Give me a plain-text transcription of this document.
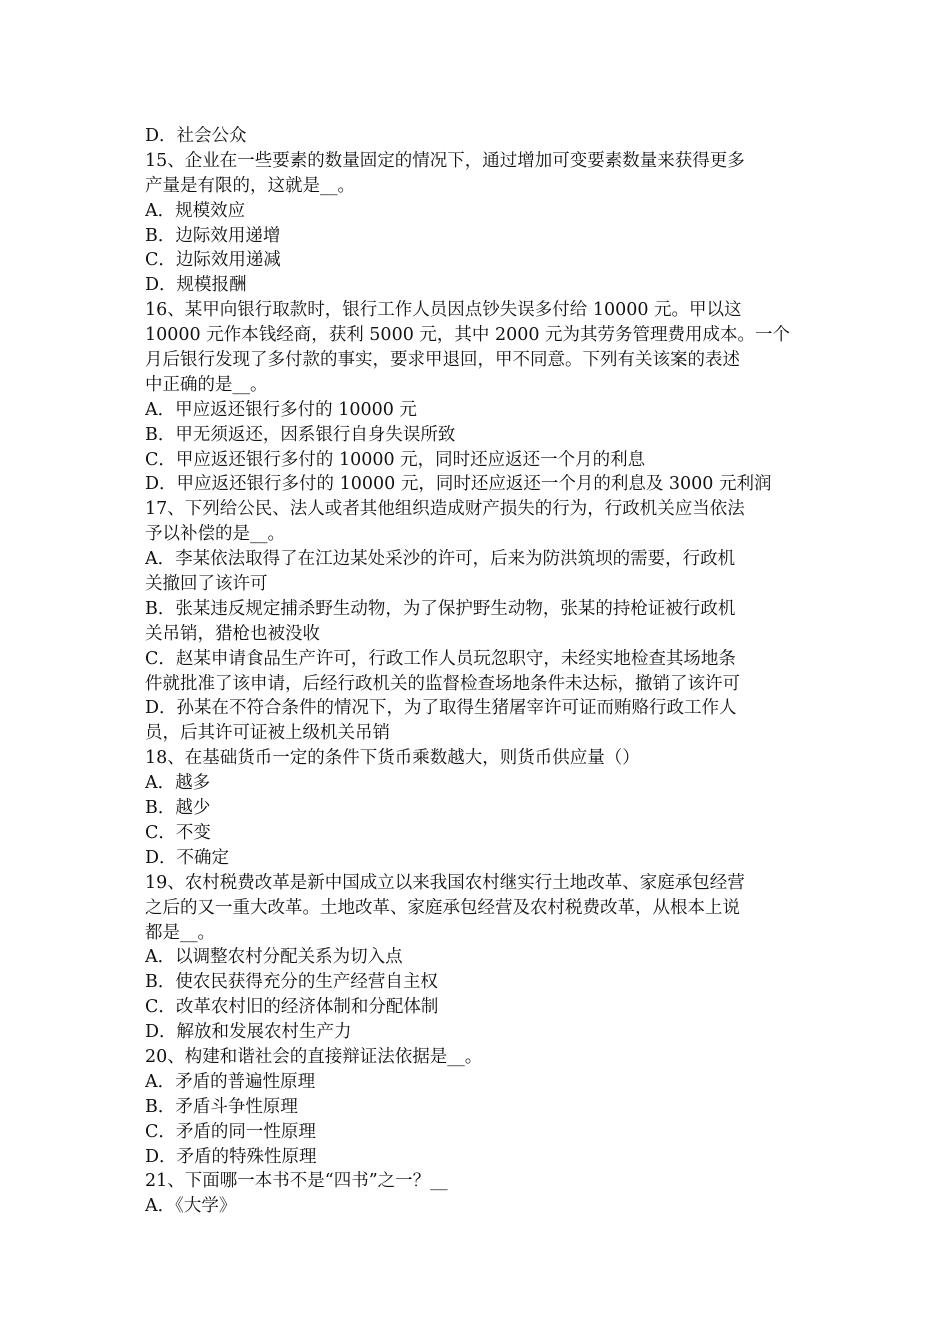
D．社会公众
15、企业在一些要素的数量固定的情况下，通过增加可变要素数量来获得更多
产量是有限的，这就是__。
A．规模效应
B．边际效用递增
C．边际效用递减
D．规模报酬
16、某甲向银行取款时，银行工作人员因点钞失误多付给 10000 元。甲以这
10000 元作本钱经商，获利 5000 元，其中 2000 元为其劳务管理费用成本。一个
月后银行发现了多付款的事实，要求甲退回，甲不同意。下列有关该案的表述
中正确的是__。
A．甲应返还银行多付的 10000 元
B．甲无须返还，因系银行自身失误所致
C．甲应返还银行多付的 10000 元，同时还应返还一个月的利息
D．甲应返还银行多付的 10000 元，同时还应返还一个月的利息及 3000 元利润
17、下列给公民、法人或者其他组织造成财产损失的行为，行政机关应当依法
予以补偿的是__。
A．李某依法取得了在江边某处采沙的许可，后来为防洪筑坝的需要，行政机
关撤回了该许可
B．张某违反规定捕杀野生动物，为了保护野生动物，张某的持枪证被行政机
关吊销，猎枪也被没收
C．赵某申请食品生产许可，行政工作人员玩忽职守，未经实地检查其场地条
件就批准了该申请，后经行政机关的监督检查场地条件未达标，撤销了该许可
D．孙某在不符合条件的情况下，为了取得生猪屠宰许可证而贿赂行政工作人
员，后其许可证被上级机关吊销
18、在基础货币一定的条件下货币乘数越大，则货币供应量（）
A．越多
B．越少
C．不变
D．不确定
19、农村税费改革是新中国成立以来我国农村继实行土地改革、家庭承包经营
之后的又一重大改革。土地改革、家庭承包经营及农村税费改革，从根本上说
都是__。
A．以调整农村分配关系为切入点
B．使农民获得充分的生产经营自主权
C．改革农村旧的经济体制和分配体制
D．解放和发展农村生产力
20、构建和谐社会的直接辩证法依据是__。
A．矛盾的普遍性原理
B．矛盾斗争性原理
C．矛盾的同一性原理
D．矛盾的特殊性原理
21、下面哪一本书不是“四书”之一？__
A．《大学》
